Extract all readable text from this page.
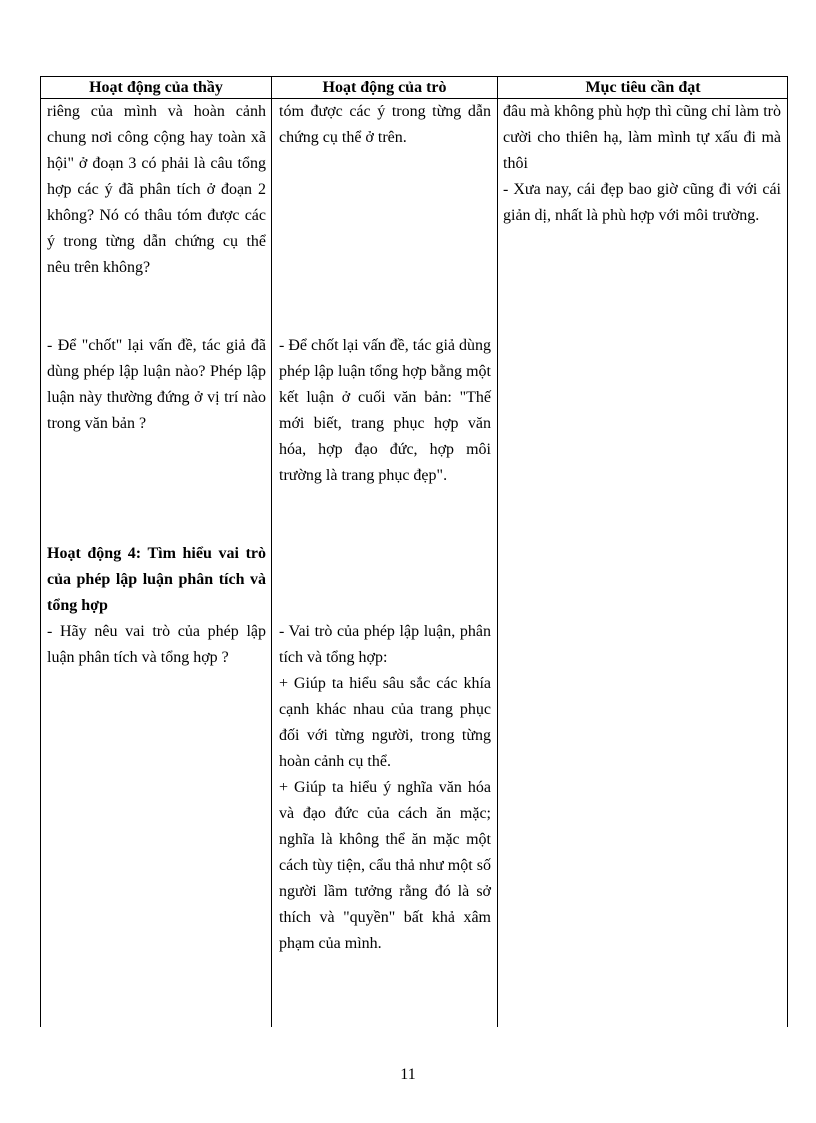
Hoạt động của thầy	Hoạt động của trò	Mục tiêu cần đạt

riêng của mình và hoàn cảnh chung nơi công cộng hay toàn xã hội" ở đoạn 3 có phải là câu tổng hợp các ý đã phân tích ở đoạn 2 không? Nó có thâu tóm được các ý trong từng dẫn chứng cụ thể nêu trên không?

- Để "chốt" lại vấn đề, tác giả đã dùng phép lập luận nào? Phép lập luận này thường đứng ở vị trí nào trong văn bản ?

Hoạt động 4: Tìm hiểu vai trò của phép lập luận phân tích và tổng hợp

- Hãy nêu vai trò của phép lập luận phân tích và tổng hợp ?

tóm được các ý trong từng dẫn chứng cụ thể ở trên.

- Để chốt lại vấn đề, tác giả dùng phép lập luận tổng hợp bằng một kết luận ở cuối văn bản: "Thế mới biết, trang phục hợp văn hóa, hợp đạo đức, hợp môi trường là trang phục đẹp".

- Vai trò của phép lập luận, phân tích và tổng hợp:

+ Giúp ta hiểu sâu sắc các khía cạnh khác nhau của trang phục đối với từng người, trong từng hoàn cảnh cụ thể.

+ Giúp ta hiểu ý nghĩa văn hóa và đạo đức của cách ăn mặc; nghĩa là không thể ăn mặc một cách tùy tiện, cẩu thả như một số người lầm tưởng rằng đó là sở thích và "quyền" bất khả xâm phạm của mình.

đâu mà không phù hợp thì cũng chỉ làm trò cười cho thiên hạ, làm mình tự xấu đi mà thôi

- Xưa nay, cái đẹp bao giờ cũng đi với cái giản dị, nhất là phù hợp với môi trường.

11
